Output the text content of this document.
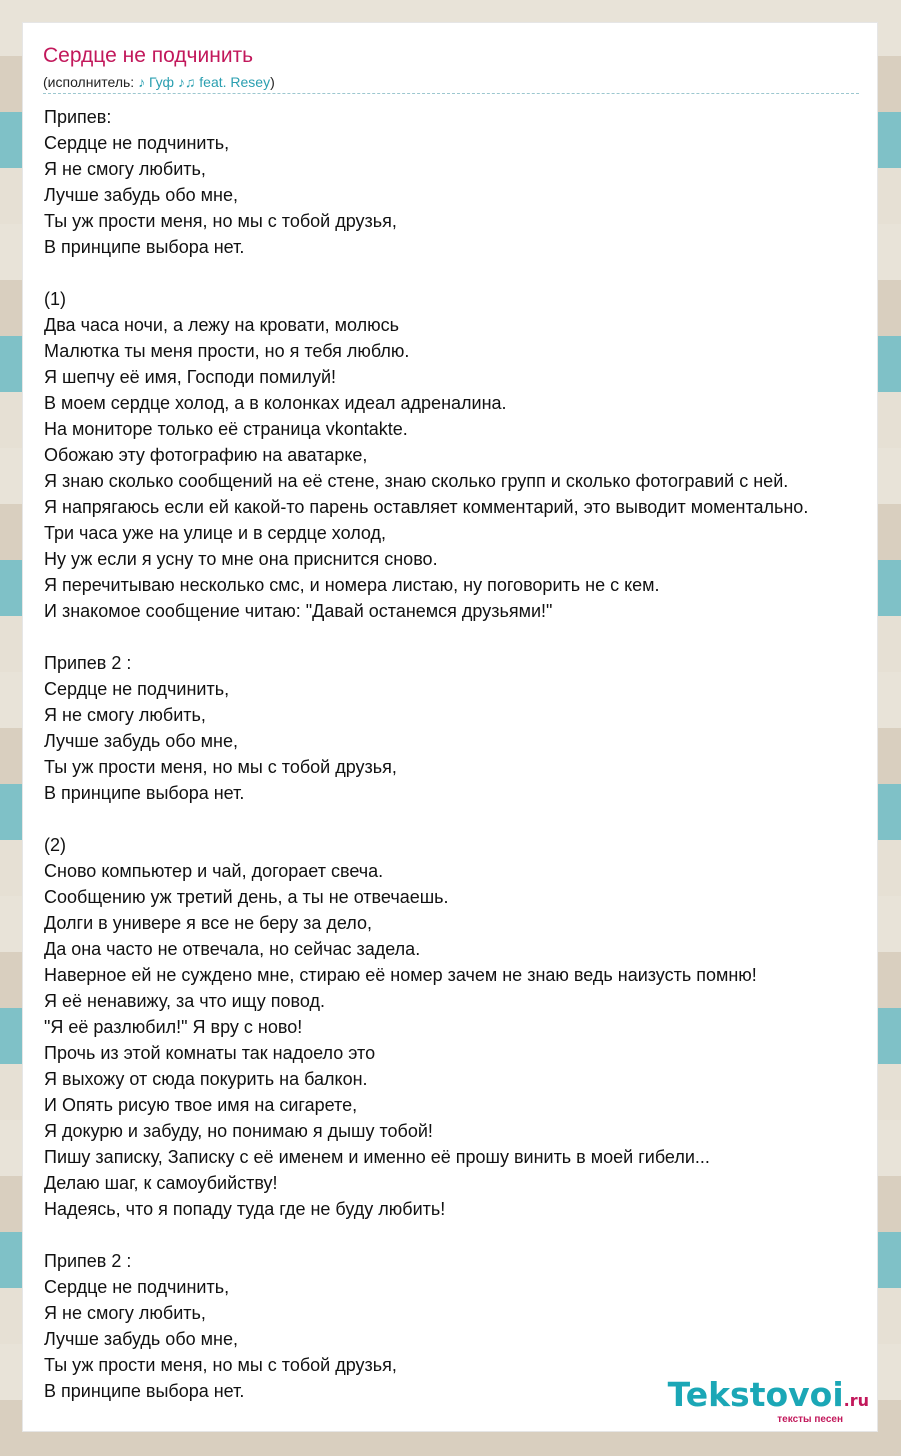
Сердце не подчинить
(исполнитель: ♪ Гуф ♪♫ feat. Resey)
Припев:
Сердце не подчинить,
Я не смогу любить,
Лучше забудь обо мне,
Ты уж прости меня, но мы с тобой друзья,
В принципе выбора нет.
(1)
Два часа ночи, а лежу на кровати, молюсь
Малютка ты меня прости, но я тебя люблю.
Я шепчу её имя, Господи помилуй!
В моем сердце холод, а в колонках идеал адреналина.
На мониторе только её страница vkontakte.
Обожаю эту фотографию на аватарке,
Я знаю сколько сообщений на её стене, знаю сколько групп и сколько фотогравий с ней.
Я напрягаюсь если ей какой-то парень оставляет комментарий, это выводит моментально.
Три часа уже на улице и в сердце холод,
Ну уж если я усну то мне она приснится сново.
Я перечитываю несколько смс, и номера листаю, ну поговорить не с кем.
И знакомое сообщение читаю: "Давай останемся друзьями!"
Припев 2 :
Сердце не подчинить,
Я не смогу любить,
Лучше забудь обо мне,
Ты уж прости меня, но мы с тобой друзья,
В принципе выбора нет.
(2)
Сново компьютер и чай, догорает свеча.
Сообщению уж третий день, а ты не отвечаешь.
Долги в универе я все не беру за дело,
Да она часто не отвечала, но сейчас задела.
Наверное ей не суждено мне, стираю её номер зачем не знаю ведь наизусть помню!
Я её ненавижу, за что ищу повод.
"Я её разлюбил!" Я вру с ново!
Прочь из этой комнаты так надоело это
Я выхожу от сюда покурить на балкон.
И Опять рисую твое имя на сигарете,
Я докурю и забуду, но понимаю я дышу тобой!
Пишу записку, Записку с её именем и именно её прошу винить в моей гибели...
Делаю шаг, к самоубийству!
Надеясь, что я попаду туда где не буду любить!
Припев 2 :
Сердце не подчинить,
Я не смогу любить,
Лучше забудь обо мне,
Ты уж прости меня, но мы с тобой друзья,
В принципе выбора нет.	Tekstovoi.ru
тексты песен
